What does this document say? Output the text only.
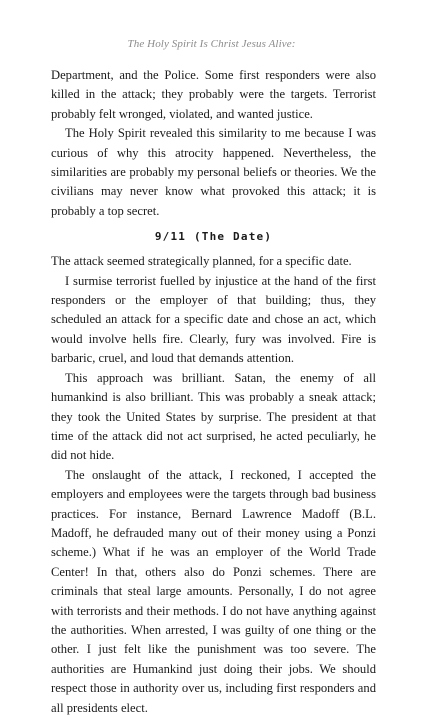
The Holy Spirit Is Christ Jesus Alive:

Department, and the Police. Some first responders were also killed in the attack; they probably were the targets. Terrorist probably felt wronged, violated, and wanted justice.

The Holy Spirit revealed this similarity to me because I was curious of why this atrocity happened. Nevertheless, the similarities are probably my personal beliefs or theories. We the civilians may never know what provoked this attack; it is probably a top secret.

9/11 (The Date)

The attack seemed strategically planned, for a specific date.

I surmise terrorist fuelled by injustice at the hand of the first responders or the employer of that building; thus, they scheduled an attack for a specific date and chose an act, which would involve hells fire. Clearly, fury was involved. Fire is barbaric, cruel, and loud that demands attention.

This approach was brilliant. Satan, the enemy of all humankind is also brilliant. This was probably a sneak attack; they took the United States by surprise. The president at that time of the attack did not act surprised, he acted peculiarly, he did not hide.

The onslaught of the attack, I reckoned, I accepted the employers and employees were the targets through bad business practices. For instance, Bernard Lawrence Madoff (B.L. Madoff, he defrauded many out of their money using a Ponzi scheme.) What if he was an employer of the World Trade Center! In that, others also do Ponzi schemes. There are criminals that steal large amounts. Personally, I do not agree with terrorists and their methods. I do not have anything against the authorities. When arrested, I was guilty of one thing or the other. I just felt like the punishment was too severe. The authorities are Humankind just doing their jobs. We should respect those in authority over us, including first responders and all presidents elect.
